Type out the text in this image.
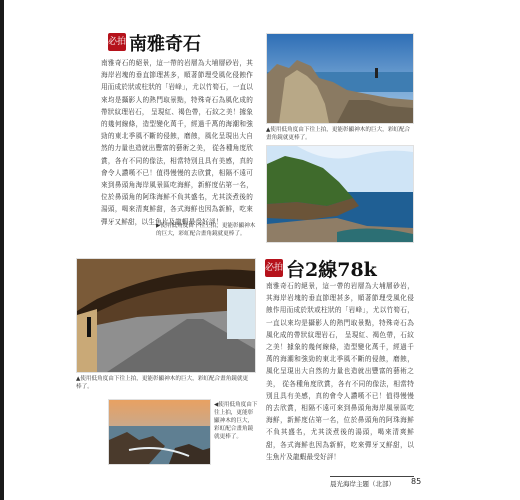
必拍 南雅奇石
南雅奇石的絕景，這一帶的岩層為大埔層砂岩，其海岸岩塊的垂直節理甚多，順著節理受風化侵蝕作用而成於狀或柱狀的「岩峰」，尤以竹筍石，一直以來均是攝影人的熱門取景點，特殊奇石為風化成的帶狀紋理岩石， 呈現紅、褐色帶，石紋之美！據象的幾何線條，造型變化萬千，經過千萬的海潮和強勁的東北季風不斷的侵蝕，磨蝕，風化呈現出大自然的力量也造就出豐富的藝術之美， 從各種角度欣賞，各有不同的像法，相當特別且具有美感，真的會令人讚嘆不已！值得慢慢的去欣賞，相隔不遠可來到鼻頭角海岸風景區吃海鮮，新鮮度佔第一名，位於鼻頭角的阿珠海鮮不負其盛名，尤其淡煮後的湯頭，喝來清爽鮮甜，各式海鮮也因為新鮮，吃來彈牙又鮮甜，以生魚片及龍蝦最受好評！
▶使用低角度由下往上拍，更能彰顯神木的巨大，彩虹配合畫角鏡就更棒了。
▲使用低角度由下往上拍，更能彰顯神木的巨大，彩虹配合畫角鏡就更棒了。
▲使用低角度由下往上拍，更能彰顯神木的巨大，彩虹配合畫角鏡就更棒了。
◀使用低角度由下往上拍，更能彰顯神木的巨大，彩虹配合畫角鏡就更棒了。
必拍 台2線78k
南雅奇石的絕景，這一帶的岩層為大埔層砂岩，其海岸岩塊的垂直節理甚多，順著節理受風化侵蝕作用而成於狀或柱狀的「岩峰」，尤以竹筍石，一直以來均是攝影人的熱門取景點，特殊奇石為風化成的帶狀紋理岩石， 呈現紅、褐色帶，石紋之美！據象的幾何線條，造型變化萬千，經過千萬的海潮和強勁的東北季風不斷的侵蝕，磨蝕，風化呈現出大自然的力量也造就出豐富的藝術之美， 從各種角度欣賞，各有不同的像法，相當特別且具有美感，真的會令人讚嘆不已！值得慢慢的去欣賞，相隔不遠可來到鼻頭角海岸風景區吃海鮮，新鮮度佔第一名，位於鼻頭角的阿珠海鮮不負其盛名，尤其淡煮後的湯頭，喝來清爽鮮甜，各式海鮮也因為新鮮，吃來彈牙又鮮甜，以生魚片及龍蝦最受好評！
晨光海岸主題（北部） 85
